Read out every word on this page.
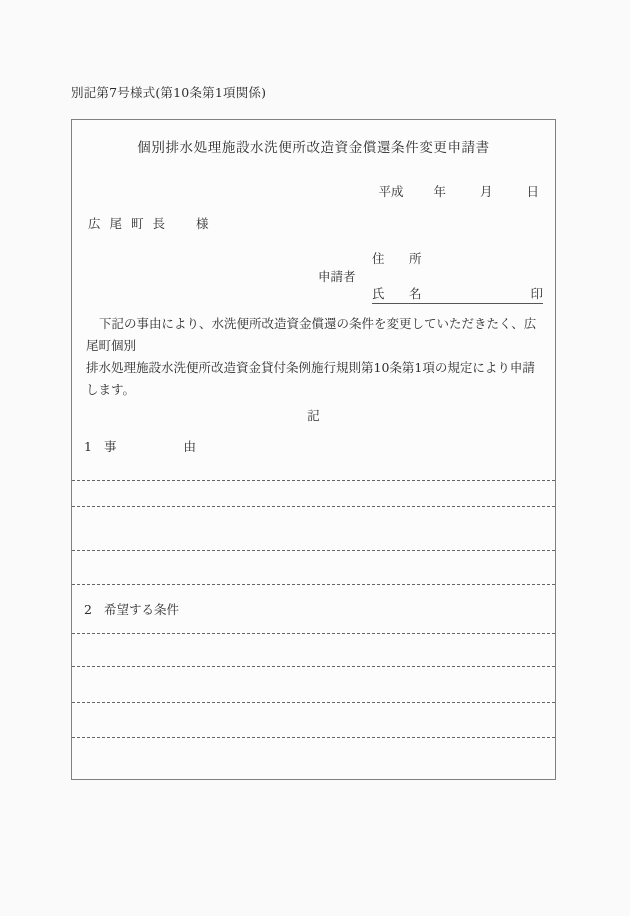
別記第7号様式(第10条第1項関係)
個別排水処理施設水洗便所改造資金償還条件変更申請書
平成 年	月	日
広尾町長 様
申請者
住　所
氏　名	印
下記の事由により、水洗便所改造資金償還の条件を変更していただきたく、広尾町個別
排水処理施設水洗便所改造資金貸付条例施行規則第10条第1項の規定により申請します。
記
1 事　　由
2 希望する条件
